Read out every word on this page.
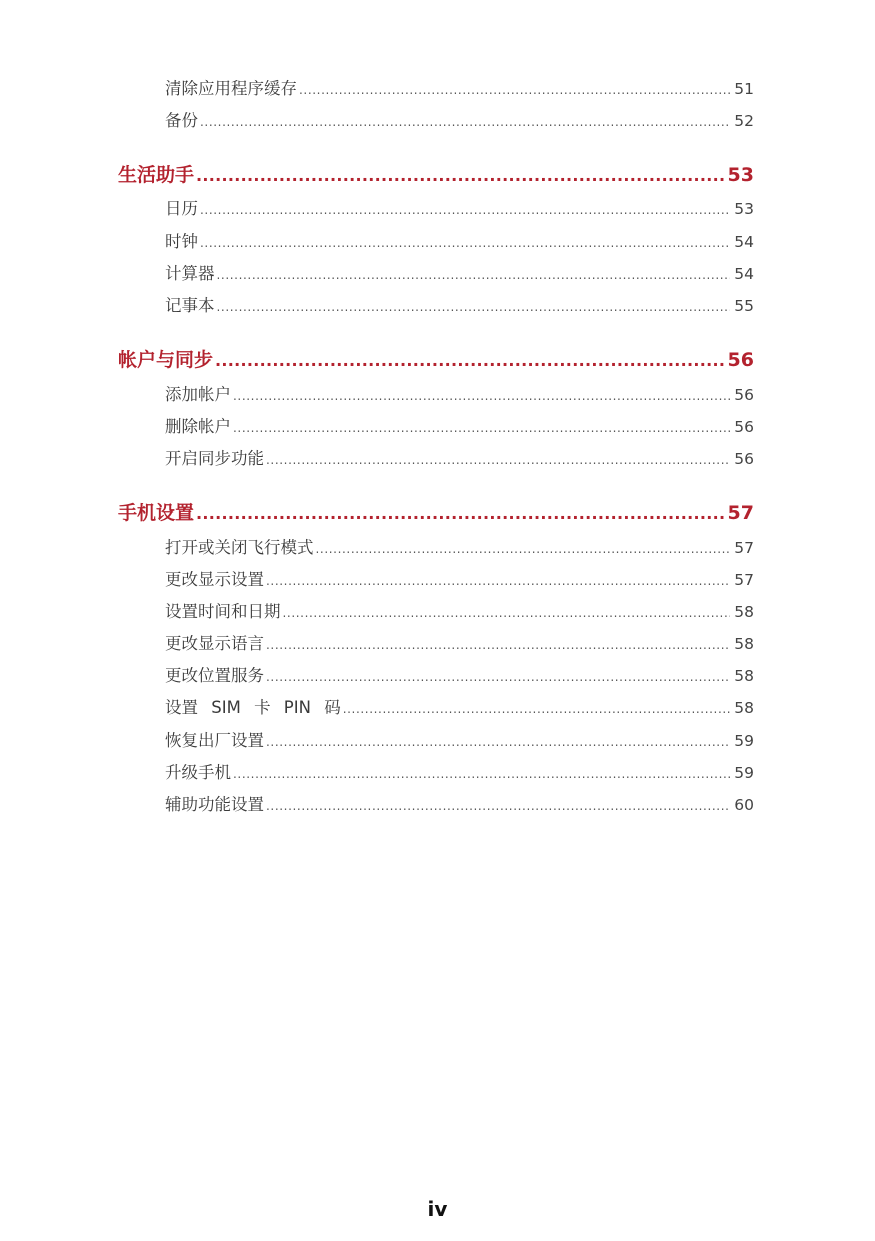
清除应用程序缓存 .....	51
备份 .....	52
生活助手 .....	53
日历 .....	53
时钟 .....	54
计算器 .....	54
记事本 .....	55
帐户与同步 .....	56
添加帐户 .....	56
删除帐户 .....	56
开启同步功能 .....	56
手机设置 .....	57
打开或关闭飞行模式 .....	57
更改显示设置 .....	57
设置时间和日期 .....	58
更改显示语言 .....	58
更改位置服务 .....	58
设置 SIM 卡 PIN 码 .....	58
恢复出厂设置 .....	59
升级手机 .....	59
辅助功能设置 .....	60
iv
